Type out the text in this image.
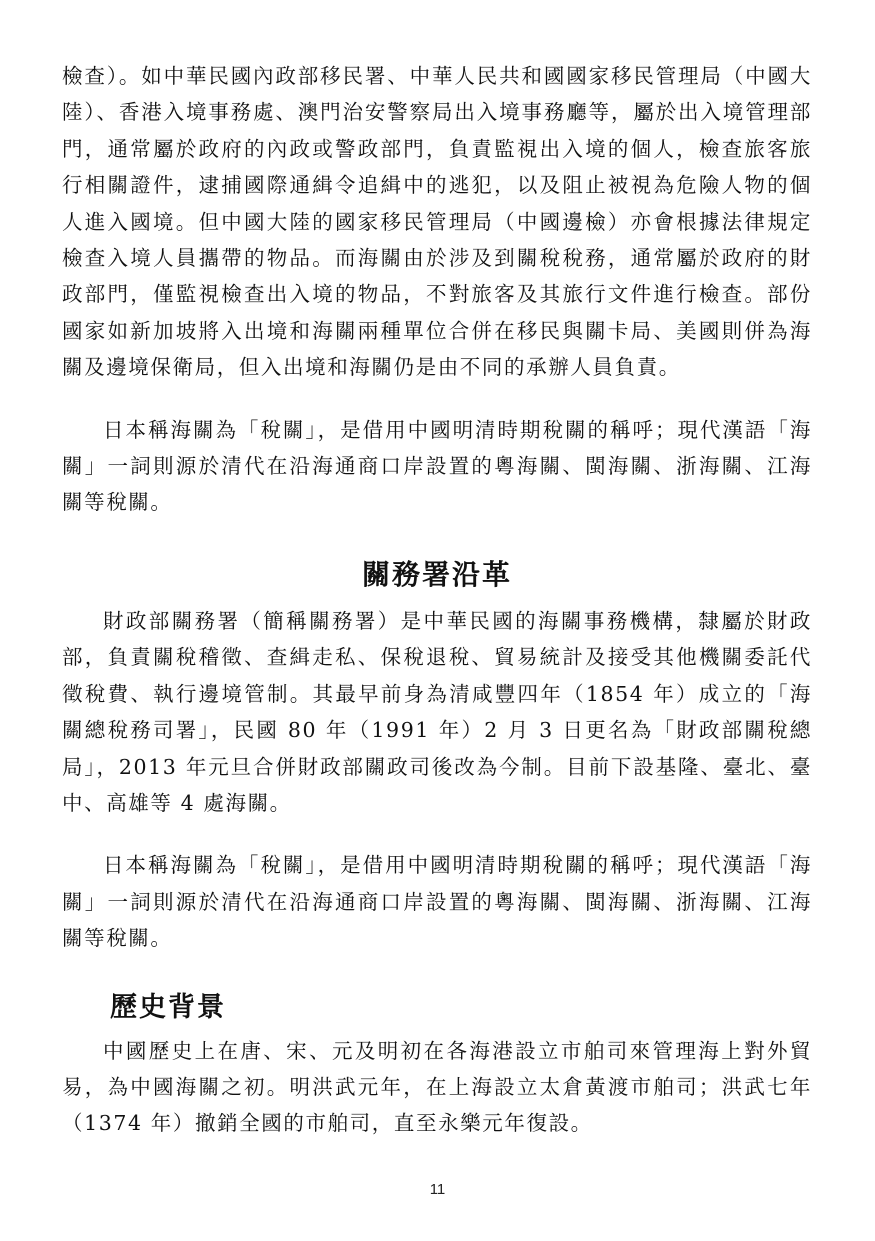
檢查）。如中華民國內政部移民署、中華人民共和國國家移民管理局（中國大陸）、香港入境事務處、澳門治安警察局出入境事務廳等，屬於出入境管理部門，通常屬於政府的內政或警政部門，負責監視出入境的個人，檢查旅客旅行相關證件，逮捕國際通緝令追緝中的逃犯，以及阻止被視為危險人物的個人進入國境。但中國大陸的國家移民管理局（中國邊檢）亦會根據法律規定檢查入境人員攜帶的物品。而海關由於涉及到關稅稅務，通常屬於政府的財政部門，僅監視檢查出入境的物品，不對旅客及其旅行文件進行檢查。部份國家如新加坡將入出境和海關兩種單位合併在移民與關卡局、美國則併為海關及邊境保衛局，但入出境和海關仍是由不同的承辦人員負責。

日本稱海關為「稅關」，是借用中國明清時期稅關的稱呼；現代漢語「海關」一詞則源於清代在沿海通商口岸設置的粵海關、閩海關、浙海關、江海關等稅關。

關務署沿革

財政部關務署（簡稱關務署）是中華民國的海關事務機構，隸屬於財政部，負責關稅稽徵、查緝走私、保稅退稅、貿易統計及接受其他機關委託代徵稅費、執行邊境管制。其最早前身為清咸豐四年（1854 年）成立的「海關總稅務司署」，民國 80 年（1991 年）2 月 3 日更名為「財政部關稅總局」，2013 年元旦合併財政部關政司後改為今制。目前下設基隆、臺北、臺中、高雄等 4 處海關。

日本稱海關為「稅關」，是借用中國明清時期稅關的稱呼；現代漢語「海關」一詞則源於清代在沿海通商口岸設置的粵海關、閩海關、浙海關、江海關等稅關。

歷史背景

中國歷史上在唐、宋、元及明初在各海港設立市舶司來管理海上對外貿易，為中國海關之初。明洪武元年，在上海設立太倉黃渡市舶司；洪武七年（1374 年）撤銷全國的市舶司，直至永樂元年復設。

11
